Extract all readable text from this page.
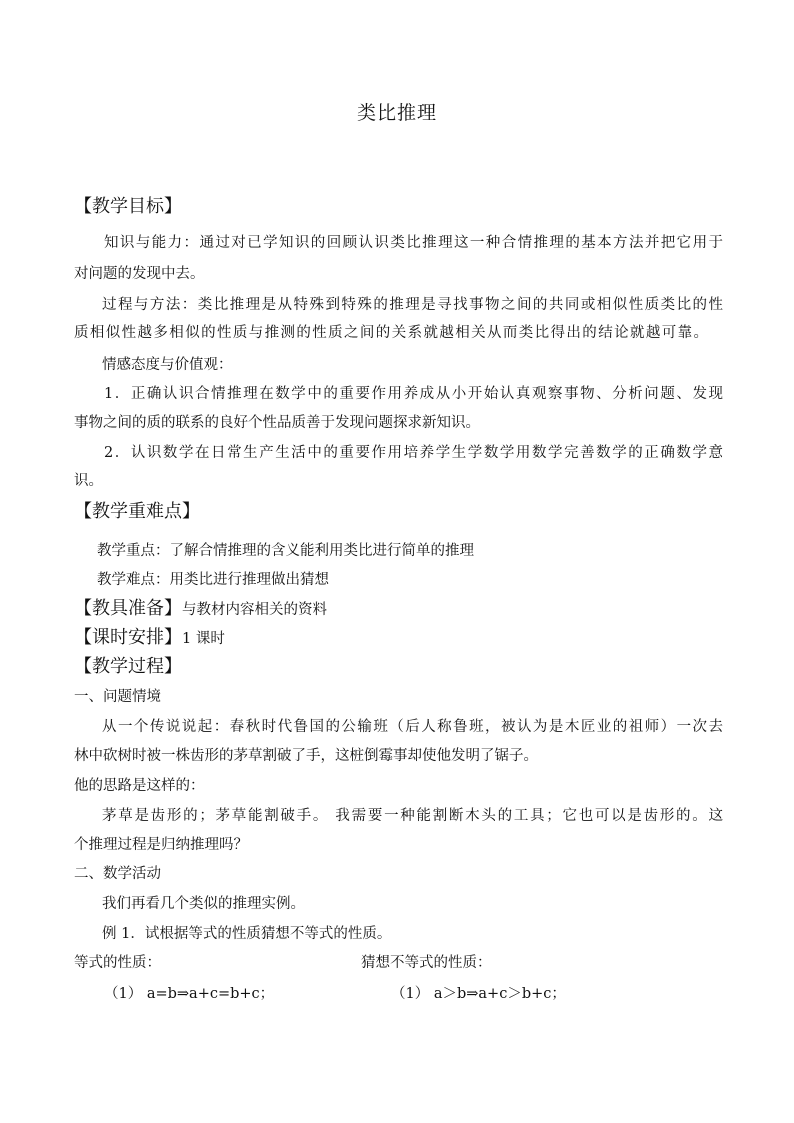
类比推理
【教学目标】
知识与能力：通过对已学知识的回顾认识类比推理这一种合情推理的基本方法并把它用于
对问题的发现中去。
过程与方法：类比推理是从特殊到特殊的推理是寻找事物之间的共同或相似性质类比的性
质相似性越多相似的性质与推测的性质之间的关系就越相关从而类比得出的结论就越可靠。
情感态度与价值观：
1．正确认识合情推理在数学中的重要作用养成从小开始认真观察事物、分析问题、发现
事物之间的质的联系的良好个性品质善于发现问题探求新知识。
2．认识数学在日常生产生活中的重要作用培养学生学数学用数学完善数学的正确数学意
识。
【教学重难点】
教学重点：了解合情推理的含义能利用类比进行简单的推理
教学难点：用类比进行推理做出猜想
【教具准备】与教材内容相关的资料
【课时安排】1 课时
【教学过程】
一、问题情境
从一个传说说起：春秋时代鲁国的公输班（后人称鲁班，被认为是木匠业的祖师）一次去
林中砍树时被一株齿形的茅草割破了手，这桩倒霉事却使他发明了锯子。
他的思路是这样的：
茅草是齿形的；茅草能割破手。 我需要一种能割断木头的工具；它也可以是齿形的。这
个推理过程是归纳推理吗？
二、数学活动
我们再看几个类似的推理实例。
例 1．试根据等式的性质猜想不等式的性质。
等式的性质：	猜想不等式的性质：
（1） a=b⇒a+c=b+c；	（1） a＞b⇒a+c＞b+c；
